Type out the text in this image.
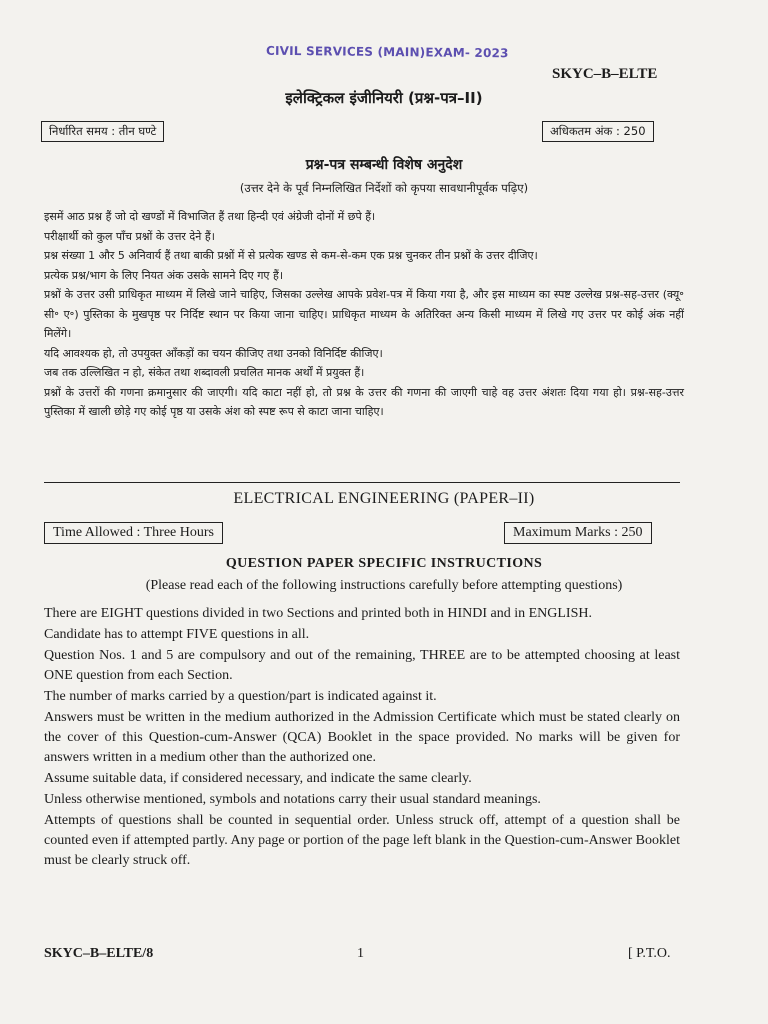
CIVIL SERVICES (MAIN)EXAM- 2023
SKYC–B–ELTE
इलेक्ट्रिकल इंजीनियरी (प्रश्न-पत्र–II)
निर्धारित समय : तीन घण्टे	अधिकतम अंक : 250
प्रश्न-पत्र सम्बन्धी विशेष अनुदेश
(उत्तर देने के पूर्व निम्नलिखित निर्देशों को कृपया सावधानीपूर्वक पढ़िए)

इसमें आठ प्रश्न हैं जो दो खण्डों में विभाजित हैं तथा हिन्दी एवं अंग्रेजी दोनों में छपे हैं।

परीक्षार्थी को कुल पाँच प्रश्नों के उत्तर देने हैं।

प्रश्न संख्या 1 और 5 अनिवार्य हैं तथा बाकी प्रश्नों में से प्रत्येक खण्ड से कम-से-कम एक प्रश्न चुनकर तीन प्रश्नों के उत्तर दीजिए।

प्रत्येक प्रश्न/भाग के लिए नियत अंक उसके सामने दिए गए हैं।

प्रश्नों के उत्तर उसी प्राधिकृत माध्यम में लिखे जाने चाहिए, जिसका उल्लेख आपके प्रवेश-पत्र में किया गया है, और इस माध्यम का स्पष्ट उल्लेख प्रश्न-सह-उत्तर (क्यू॰ सी॰ ए॰) पुस्तिका के मुखपृष्ठ पर निर्दिष्ट स्थान पर किया जाना चाहिए। प्राधिकृत माध्यम के अतिरिक्त अन्य किसी माध्यम में लिखे गए उत्तर पर कोई अंक नहीं मिलेंगे।

यदि आवश्यक हो, तो उपयुक्त आँकड़ों का चयन कीजिए तथा उनको विनिर्दिष्ट कीजिए।

जब तक उल्लिखित न हो, संकेत तथा शब्दावली प्रचलित मानक अर्थों में प्रयुक्त हैं।

प्रश्नों के उत्तरों की गणना क्रमानुसार की जाएगी। यदि काटा नहीं हो, तो प्रश्न के उत्तर की गणना की जाएगी चाहे वह उत्तर अंशतः दिया गया हो। प्रश्न-सह-उत्तर पुस्तिका में खाली छोड़े गए कोई पृष्ठ या उसके अंश को स्पष्ट रूप से काटा जाना चाहिए।

ELECTRICAL ENGINEERING (PAPER–II)
Time Allowed : Three Hours	Maximum Marks : 250
QUESTION PAPER SPECIFIC INSTRUCTIONS
(Please read each of the following instructions carefully before attempting questions)

There are EIGHT questions divided in two Sections and printed both in HINDI and in ENGLISH.

Candidate has to attempt FIVE questions in all.

Question Nos. 1 and 5 are compulsory and out of the remaining, THREE are to be attempted choosing at least ONE question from each Section.

The number of marks carried by a question/part is indicated against it.

Answers must be written in the medium authorized in the Admission Certificate which must be stated clearly on the cover of this Question-cum-Answer (QCA) Booklet in the space provided. No marks will be given for answers written in a medium other than the authorized one.

Assume suitable data, if considered necessary, and indicate the same clearly.

Unless otherwise mentioned, symbols and notations carry their usual standard meanings.

Attempts of questions shall be counted in sequential order. Unless struck off, attempt of a question shall be counted even if attempted partly. Any page or portion of the page left blank in the Question-cum-Answer Booklet must be clearly struck off.

SKYC–B–ELTE/8	1	[ P.T.O.
